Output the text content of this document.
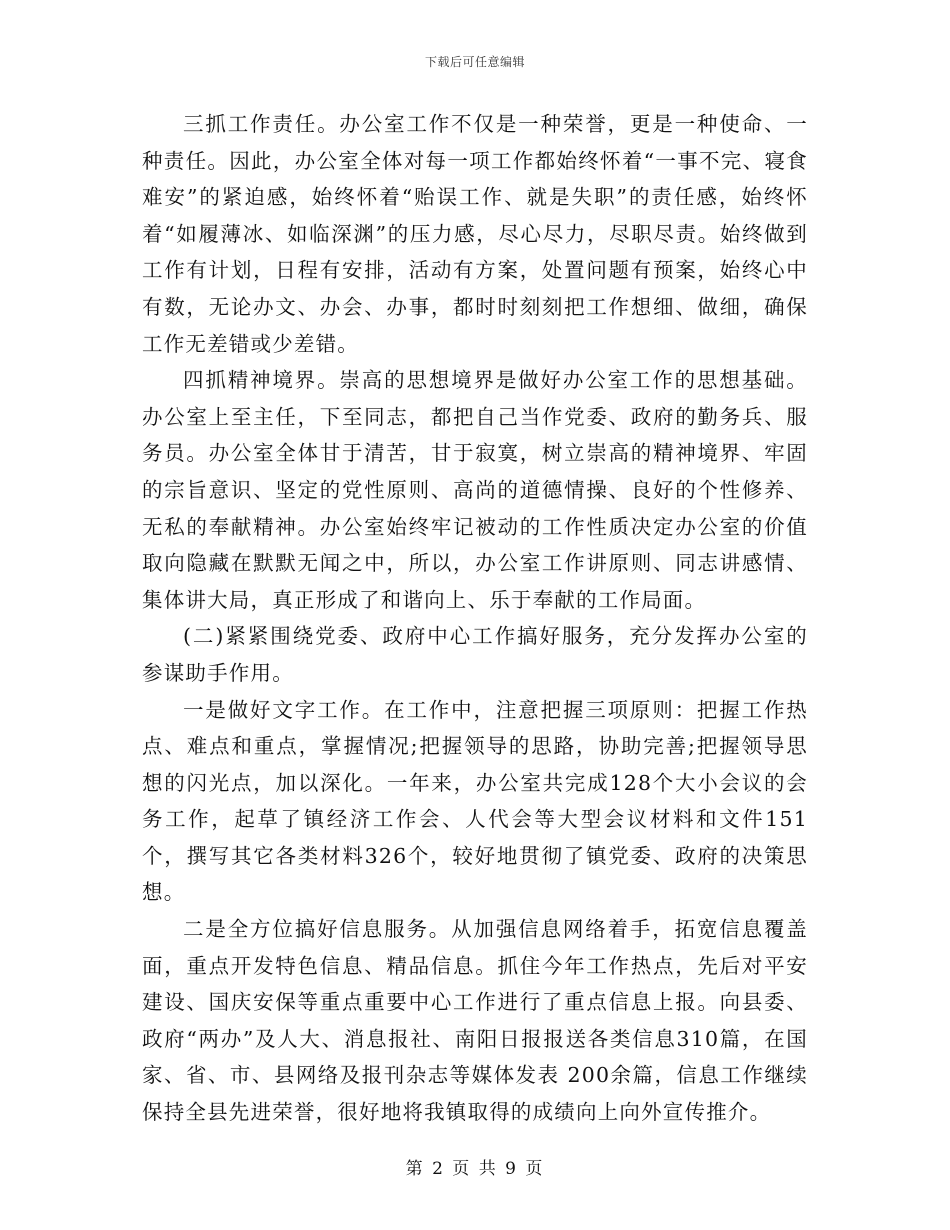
下载后可任意编辑

三抓工作责任。办公室工作不仅是一种荣誉，更是一种使命、一种责任。因此，办公室全体对每一项工作都始终怀着“一事不完、寝食难安”的紧迫感，始终怀着“贻误工作、就是失职”的责任感，始终怀着“如履薄冰、如临深渊”的压力感，尽心尽力，尽职尽责。始终做到工作有计划，日程有安排，活动有方案，处置问题有预案，始终心中有数，无论办文、办会、办事，都时时刻刻把工作想细、做细，确保工作无差错或少差错。

四抓精神境界。崇高的思想境界是做好办公室工作的思想基础。办公室上至主任，下至同志，都把自己当作党委、政府的勤务兵、服务员。办公室全体甘于清苦，甘于寂寞，树立崇高的精神境界、牢固的宗旨意识、坚定的党性原则、高尚的道德情操、良好的个性修养、无私的奉献精神。办公室始终牢记被动的工作性质决定办公室的价值取向隐藏在默默无闻之中，所以，办公室工作讲原则、同志讲感情、集体讲大局，真正形成了和谐向上、乐于奉献的工作局面。

(二)紧紧围绕党委、政府中心工作搞好服务，充分发挥办公室的参谋助手作用。

一是做好文字工作。在工作中，注意把握三项原则：把握工作热点、难点和重点，掌握情况;把握领导的思路，协助完善;把握领导思想的闪光点，加以深化。一年来，办公室共完成128个大小会议的会务工作，起草了镇经济工作会、人代会等大型会议材料和文件151个，撰写其它各类材料326个，较好地贯彻了镇党委、政府的决策思想。

二是全方位搞好信息服务。从加强信息网络着手，拓宽信息覆盖面，重点开发特色信息、精品信息。抓住今年工作热点，先后对平安建设、国庆安保等重点重要中心工作进行了重点信息上报。向县委、政府“两办”及人大、消息报社、南阳日报报送各类信息310篇，在国家、省、市、县网络及报刊杂志等媒体发表 200余篇，信息工作继续保持全县先进荣誉，很好地将我镇取得的成绩向上向外宣传推介。

第 2 页 共 9 页
